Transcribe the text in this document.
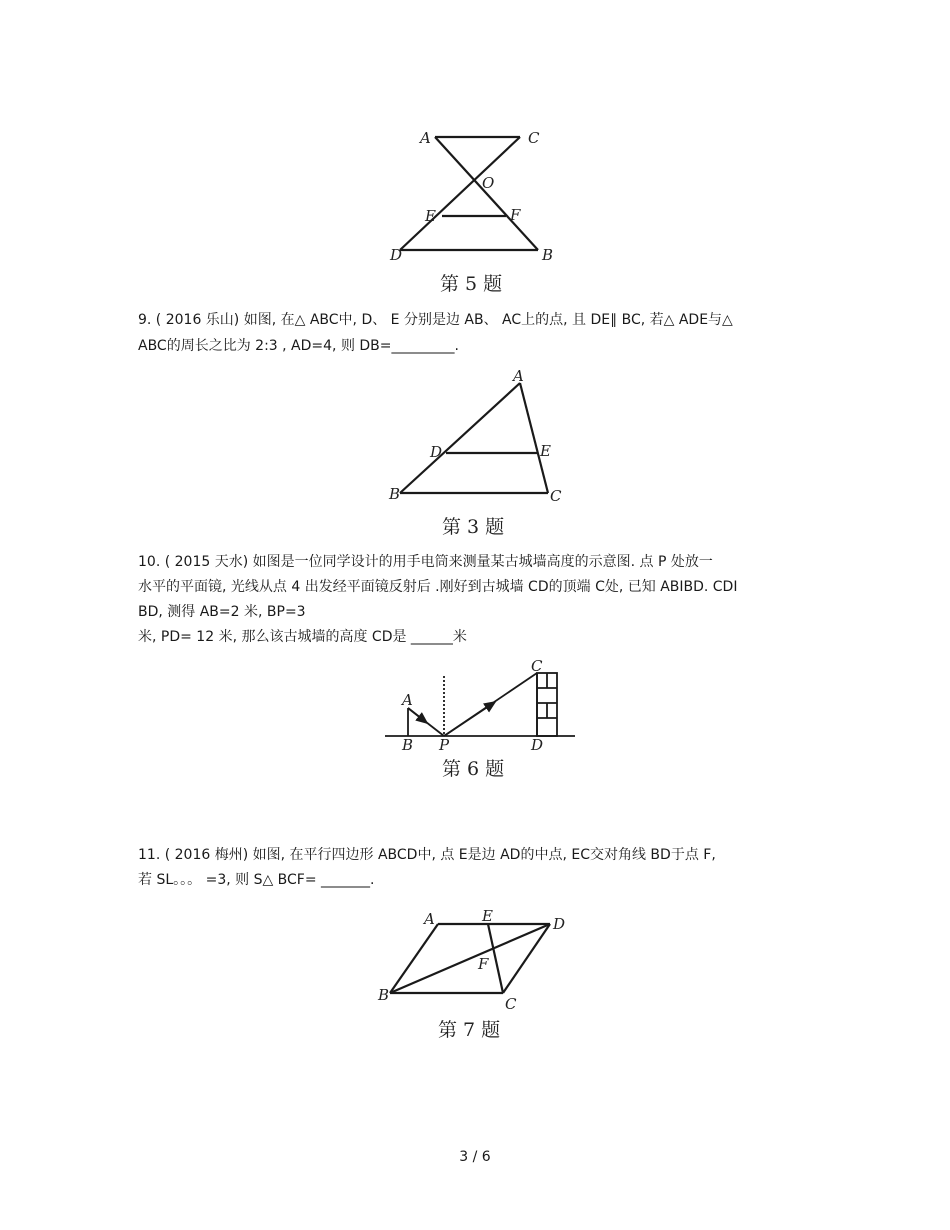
A	C
O
E	F
D	B
第 5 题
9. ( 2016 乐山) 如图, 在△ ABC中, D、 E 分别是边 AB、 AC上的点, 且 DE∥ BC, 若△ ADE与△
ABC的周长之比为 2:3 , AD=4, 则 DB=_________.
A
D	E
B	C
第 3 题
10. ( 2015 天水) 如图是一位同学设计的用手电筒来测量某古城墙高度的示意图. 点 P 处放一
水平的平面镜, 光线从点 4 出发经平面镜反射后 .刚好到古城墙 CD的顶端 C处, 已知 ABIBD. CDI
BD, 测得 AB=2 米, BP=3
米, PD= 12 米, 那么该古城墙的高度 CD是 ______米
A
B P
C
D
第 6 题
11. ( 2016 梅州) 如图, 在平行四边形 ABCD中, 点 E是边 AD的中点, EC交对角线 BD于点 F,
若 SL。。。 =3, 则 S△ BCF= _______.
A	E	D
F
B	C
第 7 题
3 / 6
